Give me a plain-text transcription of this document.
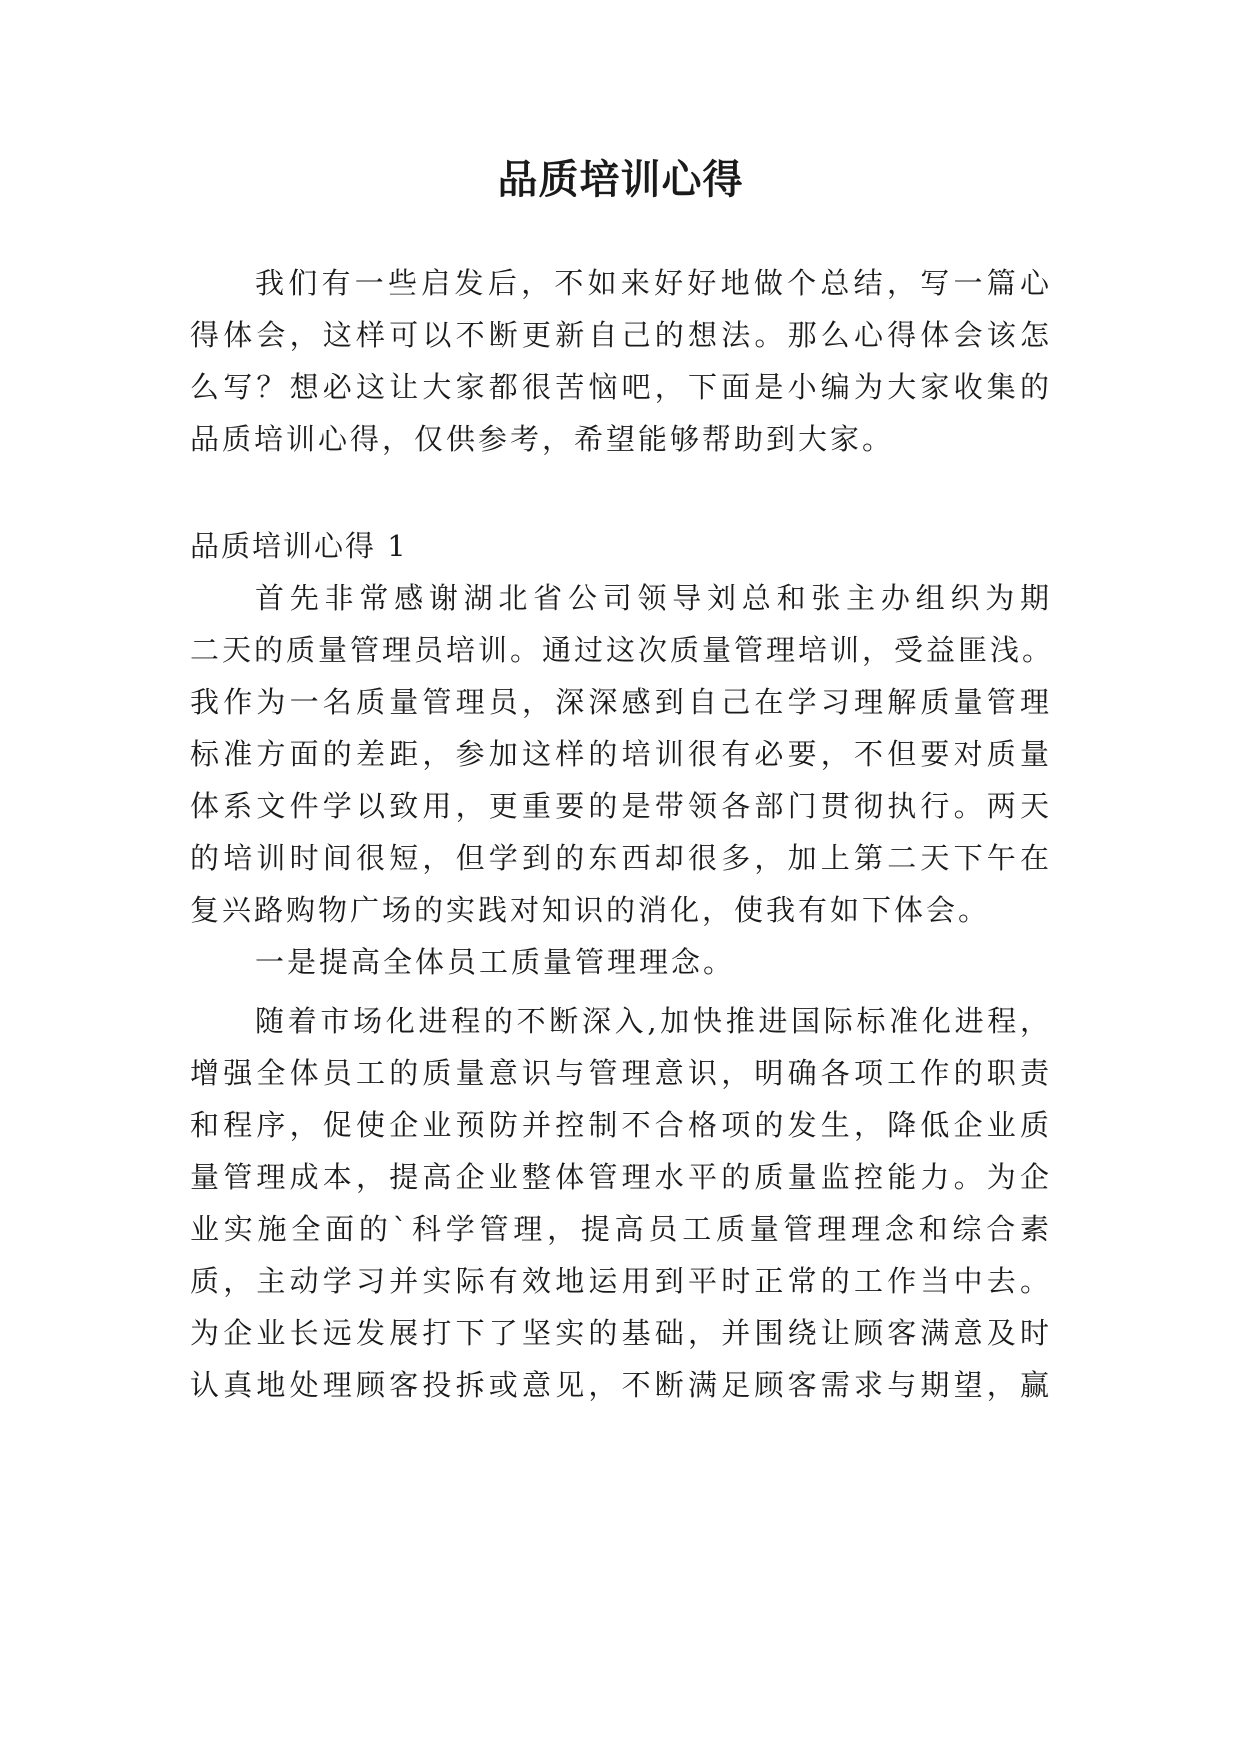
品质培训心得
我们有一些启发后，不如来好好地做个总结，写一篇心
得体会，这样可以不断更新自己的想法。那么心得体会该怎
么写？想必这让大家都很苦恼吧，下面是小编为大家收集的
品质培训心得，仅供参考，希望能够帮助到大家。
品质培训心得 1
首先非常感谢湖北省公司领导刘总和张主办组织为期
二天的质量管理员培训。通过这次质量管理培训，受益匪浅。
我作为一名质量管理员，深深感到自己在学习理解质量管理
标准方面的差距，参加这样的培训很有必要，不但要对质量
体系文件学以致用，更重要的是带领各部门贯彻执行。两天
的培训时间很短，但学到的东西却很多，加上第二天下午在
复兴路购物广场的实践对知识的消化，使我有如下体会。
一是提高全体员工质量管理理念。
随着市场化进程的不断深入,加快推进国际标准化进程，
增强全体员工的质量意识与管理意识，明确各项工作的职责
和程序，促使企业预防并控制不合格项的发生，降低企业质
量管理成本，提高企业整体管理水平的质量监控能力。为企
业实施全面的`科学管理，提高员工质量管理理念和综合素
质，主动学习并实际有效地运用到平时正常的工作当中去。
为企业长远发展打下了坚实的基础，并围绕让顾客满意及时
认真地处理顾客投拆或意见，不断满足顾客需求与期望，赢
